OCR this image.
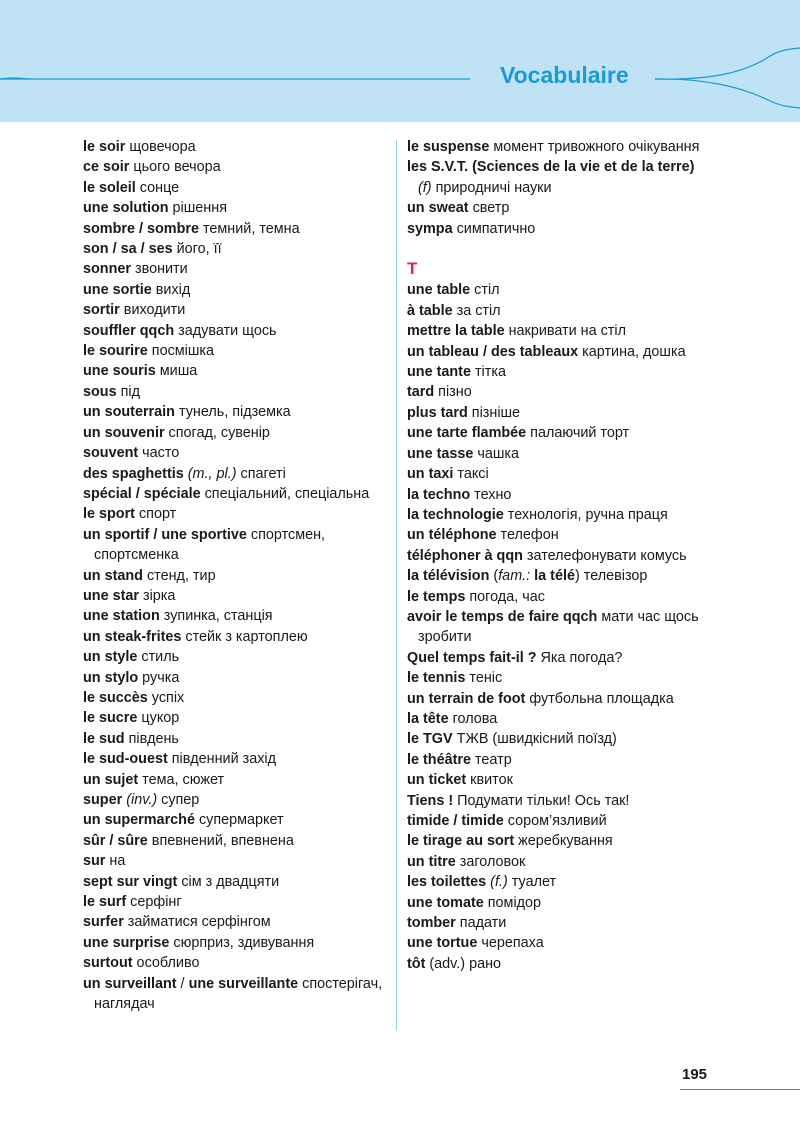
Vocabulaire
le soir щовечора
ce soir цього вечора
le soleil сонце
une solution рішення
sombre / sombre темний, темна
son / sa / ses його, її
sonner звонити
une sortie вихід
sortir виходити
souffler qqch задувати щось
le sourire посмішка
une souris миша
sous під
un souterrain тунель, підземка
un souvenir спогад, сувенір
souvent часто
des spaghettis (m., pl.) спагеті
spécial / spéciale спеціальний, спеціальна
le sport спорт
un sportif / une sportive спортсмен, спортсменка
un stand стенд, тир
une star зірка
une station зупинка, станція
un steak-frites стейк з картоплею
un style стиль
un stylo ручка
le succès успіх
le sucre цукор
le sud південь
le sud-ouest південний захід
un sujet тема, сюжет
super (inv.) супер
un supermarché супермаркет
sûr / sûre впевнений, впевнена
sur на
sept sur vingt сім з двадцяти
le surf серфінг
surfer займатися серфінгом
une surprise сюрприз, здивування
surtout особливо
un surveillant / une surveillante спостерігач, наглядач
le suspense момент тривожного очікування
les S.V.T. (Sciences de la vie et de la terre) (f) природничі науки
un sweat светр
sympa симпатично
T
une table стіл
à table за стіл
mettre la table накривати на стіл
un tableau / des tableaux картина, дошка
une tante тітка
tard пізно
plus tard пізніше
une tarte flambée палаючий торт
une tasse чашка
un taxi таксі
la techno техно
la technologie технологія, ручна праця
un téléphone телефон
téléphoner à qqn зателефонувати комусь
la télévision (fam.: la télé) телевізор
le temps погода, час
avoir le temps de faire qqch мати час щось зробити
Quel temps fait-il ? Яка погода?
le tennis теніс
un terrain de foot футбольна площадка
la tête голова
le TGV ТЖВ (швидкісний поїзд)
le théâtre театр
un ticket квиток
Tiens ! Подумати тільки! Ось так!
timide / timide сором’язливий
le tirage au sort жеребкування
un titre заголовок
les toilettes (f.) туалет
une tomate помідор
tomber падати
une tortue черепаха
tôt (adv.) рано
195
